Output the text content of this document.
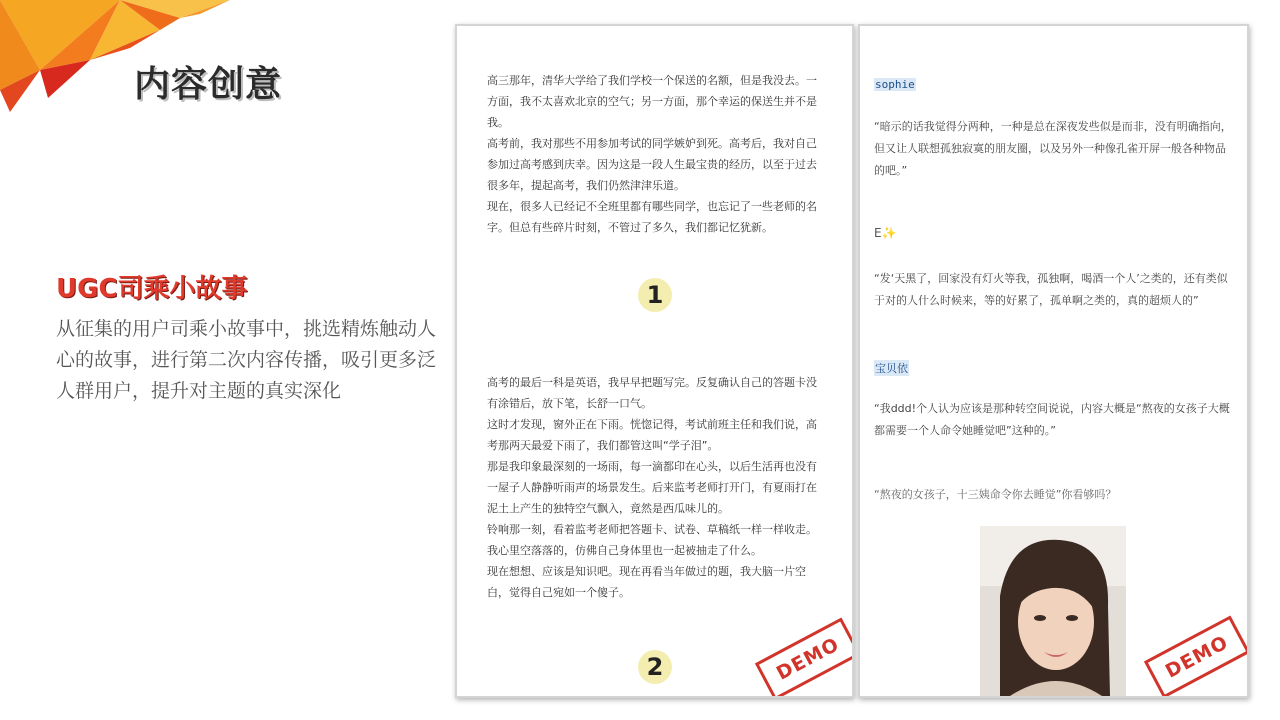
内容创意
UGC司乘小故事

从征集的用户司乘小故事中，挑选精炼触动人心的故事，进行第二次内容传播，吸引更多泛人群用户，提升对主题的真实深化

高三那年，清华大学给了我们学校一个保送的名额，但是我没去。一方面，我不太喜欢北京的空气；另一方面，那个幸运的保送生并不是我。

高考前，我对那些不用参加考试的同学嫉妒到死。高考后，我对自己参加过高考感到庆幸。因为这是一段人生最宝贵的经历，以至于过去很多年，提起高考，我们仍然津津乐道。

现在，很多人已经记不全班里都有哪些同学，也忘记了一些老师的名字。但总有些碎片时刻，不管过了多久，我们都记忆犹新。

1

高考的最后一科是英语，我早早把题写完。反复确认自己的答题卡没有涂错后，放下笔，长舒一口气。

这时才发现，窗外正在下雨。恍惚记得，考试前班主任和我们说，高考那两天最爱下雨了，我们都管这叫“学子泪”。

那是我印象最深刻的一场雨，每一滴都印在心头，以后生活再也没有一屋子人静静听雨声的场景发生。后来监考老师打开门，有夏雨打在泥土上产生的独特空气飘入，竟然是西瓜味儿的。

铃响那一刻，看着监考老师把答题卡、试卷、草稿纸一样一样收走。我心里空落落的，仿佛自己身体里也一起被抽走了什么。

现在想想、应该是知识吧。现在再看当年做过的题，我大脑一片空白，觉得自己宛如一个傻子。

2	DEMO
sophie

“暗示的话我觉得分两种，一种是总在深夜发些似是而非，没有明确指向，但又让人联想孤独寂寞的朋友圈，以及另外一种像孔雀开屏一般各种物品的吧。”

E✨

“发‘天黑了，回家没有灯火等我，孤独啊，喝酒一个人’之类的，还有类似于对的人什么时候来，等的好累了，孤单啊之类的，真的超烦人的”

宝贝依

“我ddd!个人认为应该是那种转空间说说，内容大概是“熬夜的女孩子大概都需要一个人命令她睡觉吧”这种的。”

“熬夜的女孩子，十三姨命令你去睡觉”你看够吗？

DEMO
